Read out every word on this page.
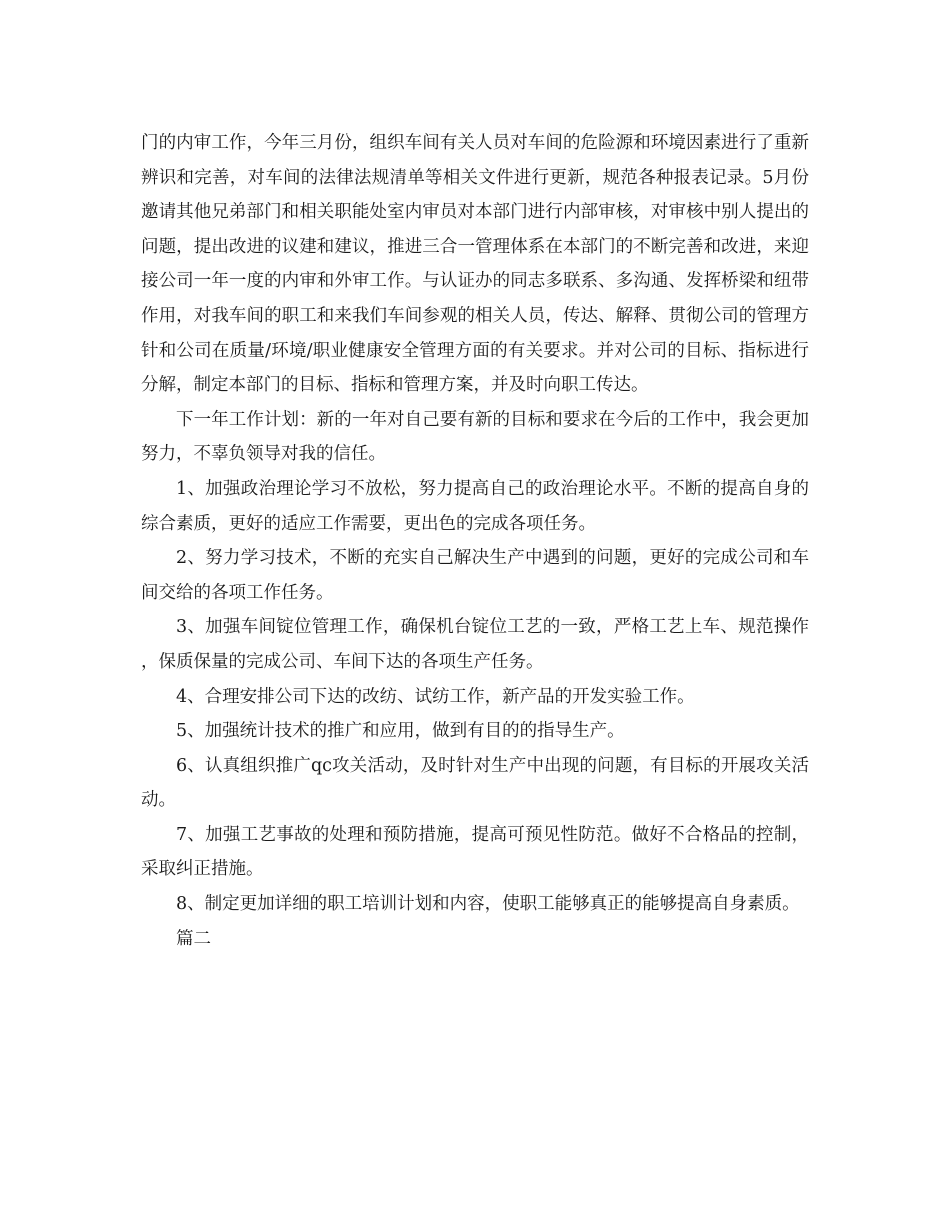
门的内审工作，今年三月份，组织车间有关人员对车间的危险源和环境因素进行了重新辨识和完善，对车间的法律法规清单等相关文件进行更新，规范各种报表记录。5月份邀请其他兄弟部门和相关职能处室内审员对本部门进行内部审核，对审核中别人提出的问题，提出改进的议建和建议，推进三合一管理体系在本部门的不断完善和改进，来迎接公司一年一度的内审和外审工作。与认证办的同志多联系、多沟通、发挥桥梁和纽带作用，对我车间的职工和来我们车间参观的相关人员，传达、解释、贯彻公司的管理方针和公司在质量/环境/职业健康安全管理方面的有关要求。并对公司的目标、指标进行分解，制定本部门的目标、指标和管理方案，并及时向职工传达。

下一年工作计划：新的一年对自己要有新的目标和要求在今后的工作中，我会更加努力，不辜负领导对我的信任。

1、加强政治理论学习不放松，努力提高自己的政治理论水平。不断的提高自身的综合素质，更好的适应工作需要，更出色的完成各项任务。

2、努力学习技术，不断的充实自己解决生产中遇到的问题，更好的完成公司和车间交给的各项工作任务。

3、加强车间锭位管理工作，确保机台锭位工艺的一致，严格工艺上车、规范操作，保质保量的完成公司、车间下达的各项生产任务。

4、合理安排公司下达的改纺、试纺工作，新产品的开发实验工作。

5、加强统计技术的推广和应用，做到有目的的指导生产。

6、认真组织推广qc攻关活动，及时针对生产中出现的问题，有目标的开展攻关活动。

7、加强工艺事故的处理和预防措施，提高可预见性防范。做好不合格品的控制，采取纠正措施。

8、制定更加详细的职工培训计划和内容，使职工能够真正的能够提高自身素质。

篇二
